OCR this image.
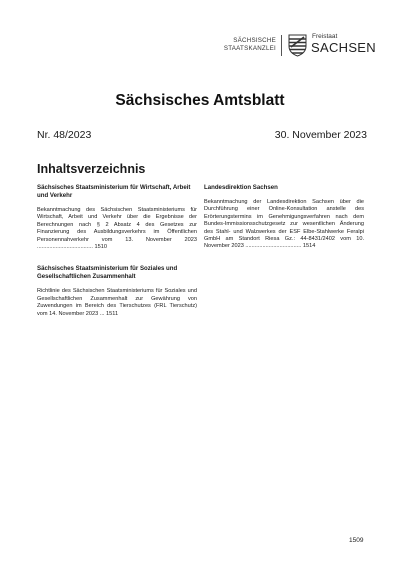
SÄCHSISCHE
STAATSKANZLEI
Freistaat
SACHSEN
Sächsisches Amtsblatt
Nr. 48/2023	30. November 2023
Inhaltsverzeichnis
Sächsisches Staatsministerium für Wirtschaft, Arbeit und Verkehr
Bekanntmachung des Sächsischen Staatsministeriums für Wirtschaft, Arbeit und Verkehr über die Ergebnisse der Berechnungen nach § 2 Absatz 4 des Gesetzes zur Finanzierung des Ausbildungsverkehrs im Öffentlichen Personennahverkehr vom 13. November 2023 .................................... 1510
Sächsisches Staatsministerium für Soziales und Gesellschaftlichen Zusammenhalt
Richtlinie des Sächsischen Staatsministeriums für Soziales und Gesellschaftlichen Zusammenhalt zur Gewährung von Zuwendungen im Bereich des Tierschutzes (FRL Tierschutz) vom 14. November 2023 ... 1511
Landesdirektion Sachsen
Bekanntmachung der Landesdirektion Sachsen über die Durchführung einer Online-Konsultation anstelle des Erörterungstermins im Genehmigungsverfahren nach dem Bundes-Immissionsschutzgesetz zur wesentlichen Änderung des Stahl- und Walzwerkes der ESF Elbe-Stahlwerke Feralpi GmbH am Standort Riesa Gz.: 44-8431/2402 vom 10. November 2023 .................................... 1514
1509
